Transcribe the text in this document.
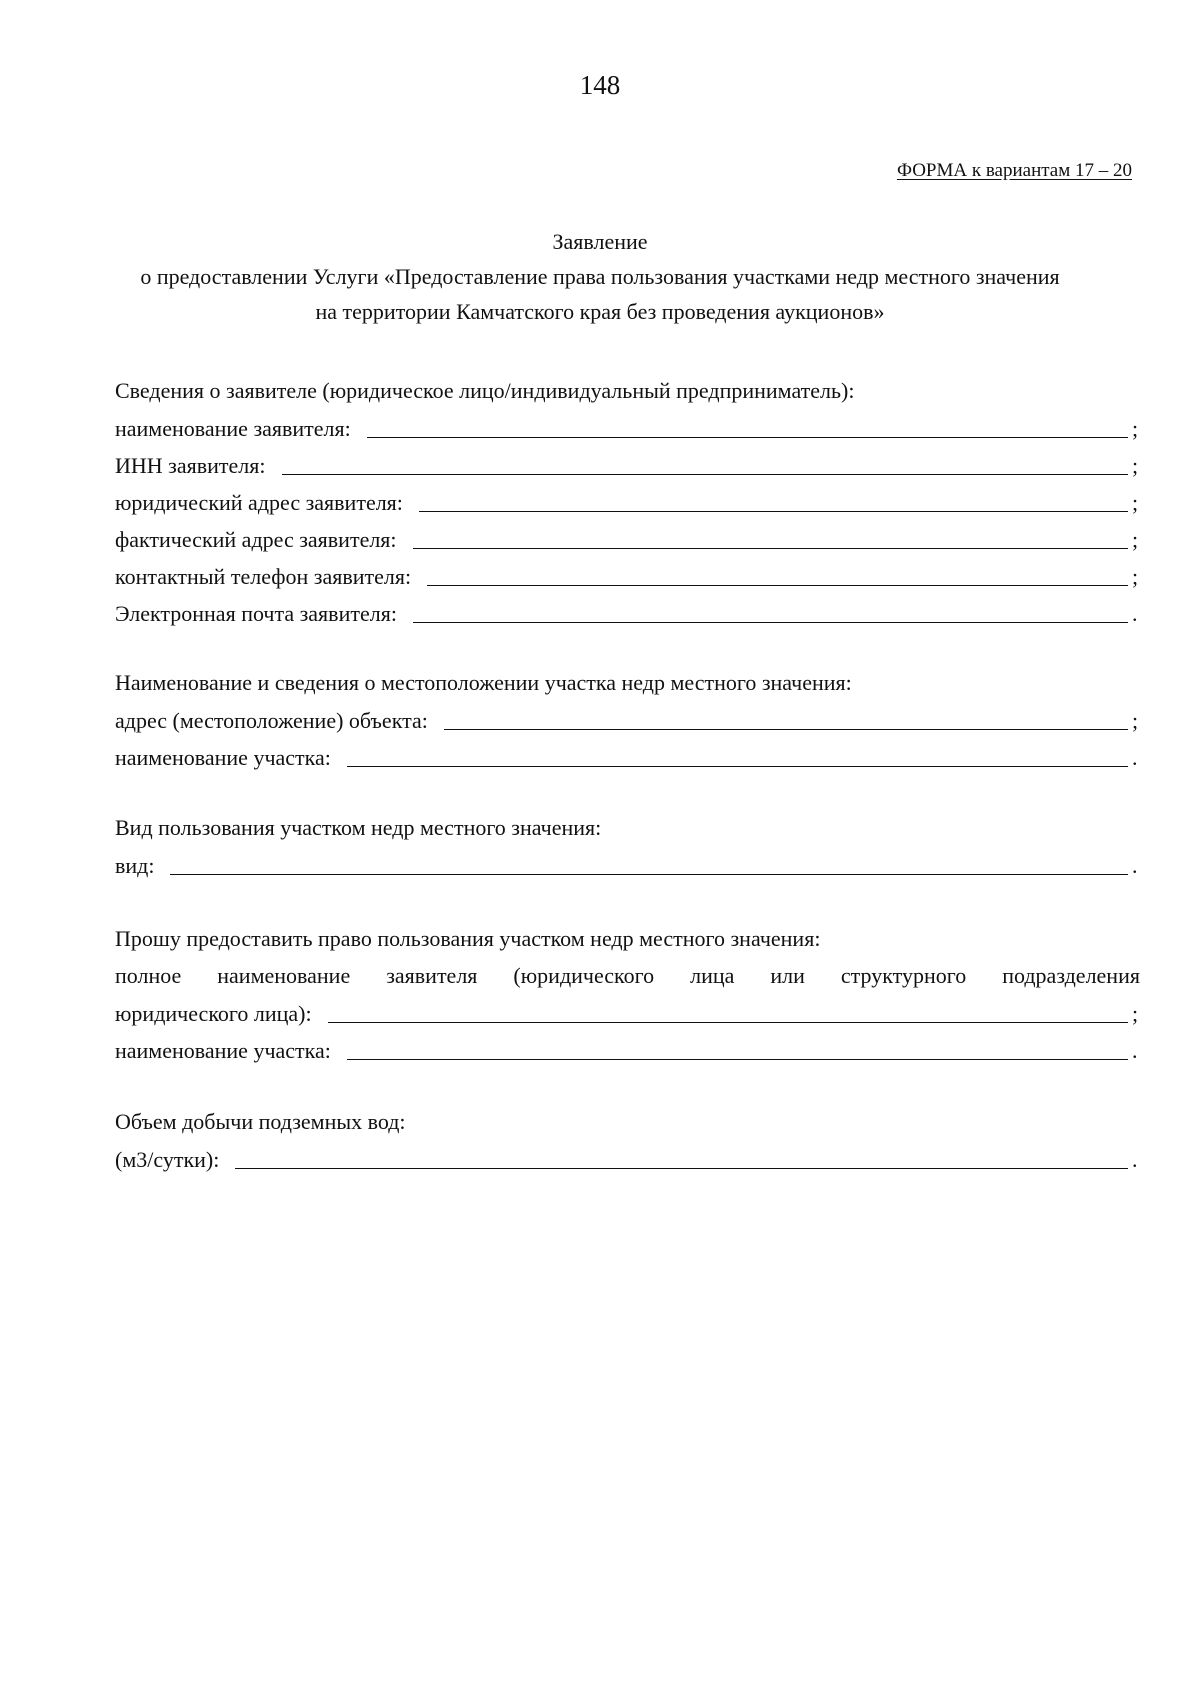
148
ФОРМА к вариантам 17 – 20
Заявление
о предоставлении Услуги «Предоставление права пользования участками недр местного значения
на территории Камчатского края без проведения аукционов»
Сведения о заявителе (юридическое лицо/индивидуальный предприниматель):
наименование заявителя:	;
ИНН заявителя:	;
юридический адрес заявителя:	;
фактический адрес заявителя:	;
контактный телефон заявителя:	;
Электронная почта заявителя:	.
Наименование и сведения о местоположении участка недр местного значения:
адрес (местоположение) объекта:	;
наименование участка:	.
Вид пользования участком недр местного значения:
вид:	.
Прошу предоставить право пользования участком недр местного значения:
полное наименование заявителя (юридического лица или структурного подразделения
юридического лица):	;
наименование участка:	.
Объем добычи подземных вод:
(м3/сутки):	.
